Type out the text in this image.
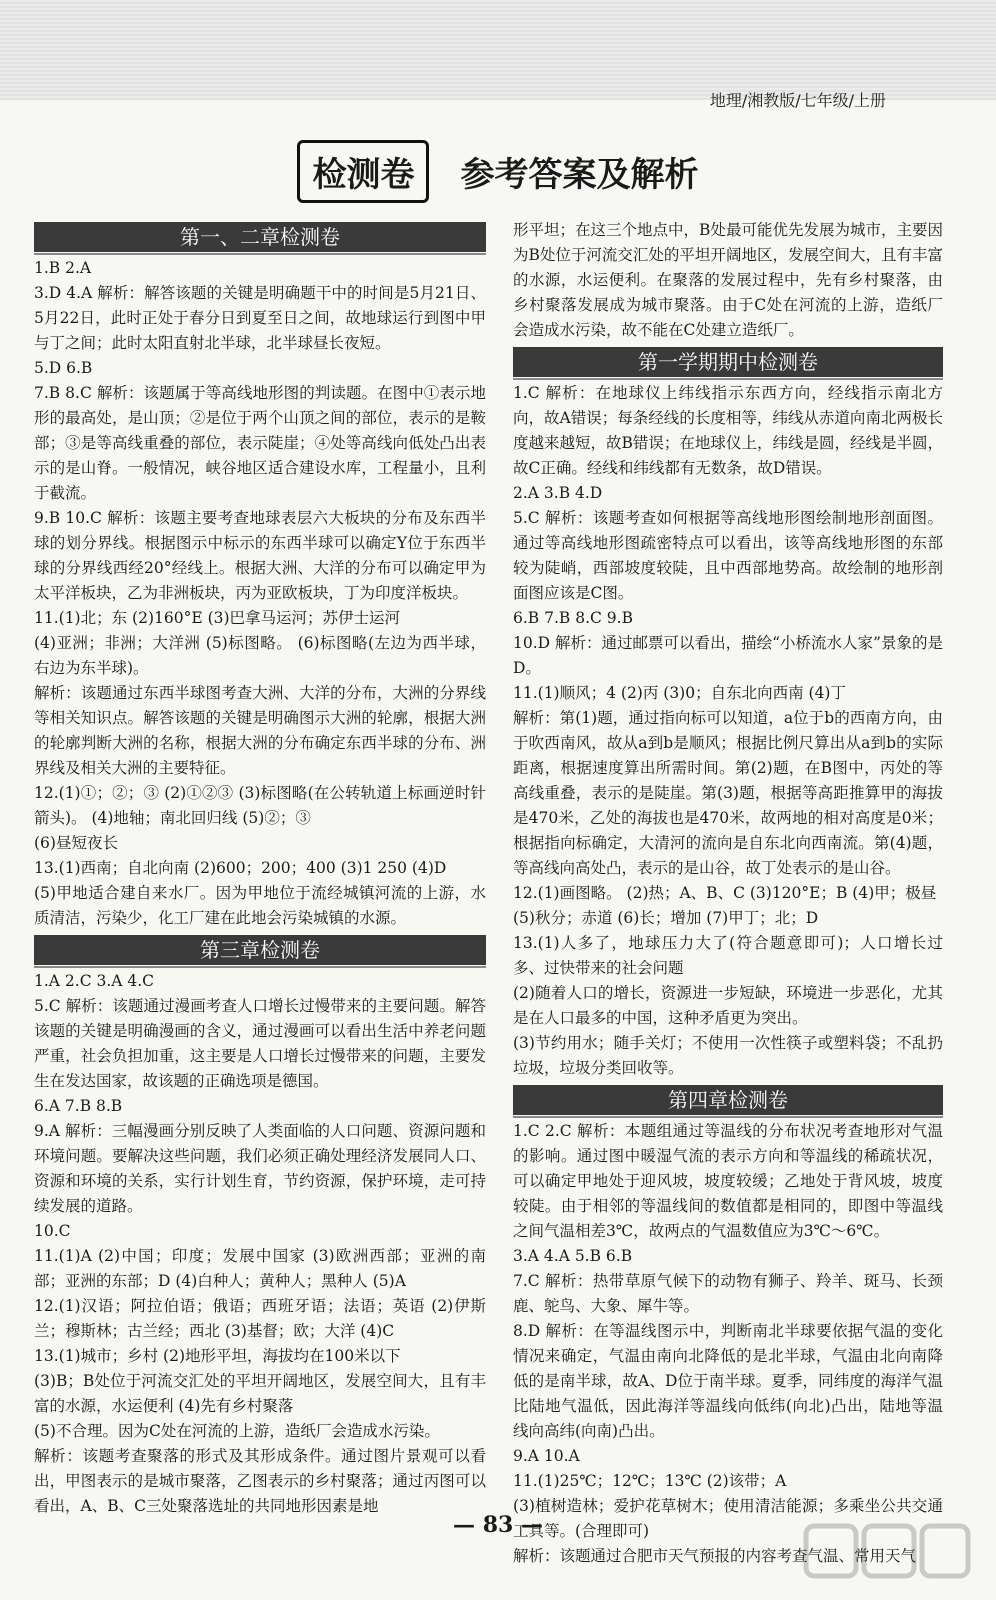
地理/湘教版/七年级/上册
检测卷 参考答案及解析
第一、二章检测卷

1.B 2.A

3.D 4.A 解析：解答该题的关键是明确题干中的时间是5月21日、5月22日，此时正处于春分日到夏至日之间，故地球运行到图中甲与丁之间；此时太阳直射北半球，北半球昼长夜短。

5.D 6.B

7.B 8.C 解析：该题属于等高线地形图的判读题。在图中①表示地形的最高处，是山顶；②是位于两个山顶之间的部位，表示的是鞍部；③是等高线重叠的部位，表示陡崖；④处等高线向低处凸出表示的是山脊。一般情况，峡谷地区适合建设水库，工程量小，且利于截流。

9.B 10.C 解析：该题主要考查地球表层六大板块的分布及东西半球的划分界线。根据图示中标示的东西半球可以确定Y位于东西半球的分界线西经20°经线上。根据大洲、大洋的分布可以确定甲为太平洋板块，乙为非洲板块，丙为亚欧板块，丁为印度洋板块。

11.(1)北；东 (2)160°E (3)巴拿马运河；苏伊士运河

(4)亚洲；非洲；大洋洲 (5)标图略。 (6)标图略(左边为西半球，右边为东半球)。

解析：该题通过东西半球图考查大洲、大洋的分布，大洲的分界线等相关知识点。解答该题的关键是明确图示大洲的轮廓，根据大洲的轮廓判断大洲的名称，根据大洲的分布确定东西半球的分布、洲界线及相关大洲的主要特征。

12.(1)①；②；③ (2)①②③ (3)标图略(在公转轨道上标画逆时针箭头)。 (4)地轴；南北回归线 (5)②；③

(6)昼短夜长

13.(1)西南；自北向南 (2)600；200；400 (3)1 250 (4)D

(5)甲地适合建自来水厂。因为甲地位于流经城镇河流的上游，水质清洁，污染少，化工厂建在此地会污染城镇的水源。

第三章检测卷

1.A 2.C 3.A 4.C

5.C 解析：该题通过漫画考查人口增长过慢带来的主要问题。解答该题的关键是明确漫画的含义，通过漫画可以看出生活中养老问题严重，社会负担加重，这主要是人口增长过慢带来的问题，主要发生在发达国家，故该题的正确选项是德国。

6.A 7.B 8.B

9.A 解析：三幅漫画分别反映了人类面临的人口问题、资源问题和环境问题。要解决这些问题，我们必须正确处理经济发展同人口、资源和环境的关系，实行计划生育，节约资源，保护环境，走可持续发展的道路。

10.C

11.(1)A (2)中国；印度；发展中国家 (3)欧洲西部；亚洲的南部；亚洲的东部；D (4)白种人；黄种人；黑种人 (5)A

12.(1)汉语；阿拉伯语；俄语；西班牙语；法语；英语 (2)伊斯兰；穆斯林；古兰经；西北 (3)基督；欧；大洋 (4)C

13.(1)城市；乡村 (2)地形平坦，海拔均在100米以下

(3)B；B处位于河流交汇处的平坦开阔地区，发展空间大，且有丰富的水源，水运便利 (4)先有乡村聚落

(5)不合理。因为C处在河流的上游，造纸厂会造成水污染。

解析：该题考查聚落的形式及其形成条件。通过图片景观可以看出，甲图表示的是城市聚落，乙图表示的乡村聚落；通过丙图可以看出，A、B、C三处聚落选址的共同地形因素是地

形平坦；在这三个地点中，B处最可能优先发展为城市，主要因为B处位于河流交汇处的平坦开阔地区，发展空间大，且有丰富的水源，水运便利。在聚落的发展过程中，先有乡村聚落，由乡村聚落发展成为城市聚落。由于C处在河流的上游，造纸厂会造成水污染，故不能在C处建立造纸厂。

第一学期期中检测卷

1.C 解析：在地球仪上纬线指示东西方向，经线指示南北方向，故A错误；每条经线的长度相等，纬线从赤道向南北两极长度越来越短，故B错误；在地球仪上，纬线是圆，经线是半圆，故C正确。经线和纬线都有无数条，故D错误。

2.A 3.B 4.D

5.C 解析：该题考查如何根据等高线地形图绘制地形剖面图。通过等高线地形图疏密特点可以看出，该等高线地形图的东部较为陡峭，西部坡度较陡，且中西部地势高。故绘制的地形剖面图应该是C图。

6.B 7.B 8.C 9.B

10.D 解析：通过邮票可以看出，描绘“小桥流水人家”景象的是D。

11.(1)顺风；4 (2)丙 (3)0；自东北向西南 (4)丁

解析：第(1)题，通过指向标可以知道，a位于b的西南方向，由于吹西南风，故从a到b是顺风；根据比例尺算出从a到b的实际距离，根据速度算出所需时间。第(2)题，在B图中，丙处的等高线重叠，表示的是陡崖。第(3)题，根据等高距推算甲的海拔是470米，乙处的海拔也是470米，故两地的相对高度是0米；根据指向标确定，大清河的流向是自东北向西南流。第(4)题，等高线向高处凸，表示的是山谷，故丁处表示的是山谷。

12.(1)画图略。 (2)热；A、B、C (3)120°E；B (4)甲；极昼

(5)秋分；赤道 (6)长；增加 (7)甲丁；北；D

13.(1)人多了，地球压力大了(符合题意即可)；人口增长过多、过快带来的社会问题

(2)随着人口的增长，资源进一步短缺，环境进一步恶化，尤其是在人口最多的中国，这种矛盾更为突出。

(3)节约用水；随手关灯；不使用一次性筷子或塑料袋；不乱扔垃圾，垃圾分类回收等。

第四章检测卷

1.C 2.C 解析：本题组通过等温线的分布状况考查地形对气温的影响。通过图中暖湿气流的表示方向和等温线的稀疏状况，可以确定甲地处于迎风坡，坡度较缓；乙地处于背风坡，坡度较陡。由于相邻的等温线间的数值都是相同的，即图中等温线之间气温相差3℃，故两点的气温数值应为3℃～6℃。

3.A 4.A 5.B 6.B

7.C 解析：热带草原气候下的动物有狮子、羚羊、斑马、长颈鹿、鸵鸟、大象、犀牛等。

8.D 解析：在等温线图示中，判断南北半球要依据气温的变化情况来确定，气温由南向北降低的是北半球，气温由北向南降低的是南半球，故A、D位于南半球。夏季，同纬度的海洋气温比陆地气温低，因此海洋等温线向低纬(向北)凸出，陆地等温线向高纬(向南)凸出。

9.A 10.A

11.(1)25℃；12℃；13℃ (2)该带；A

(3)植树造林；爱护花草树木；使用清洁能源；多乘坐公共交通工具等。(合理即可)

解析：该题通过合肥市天气预报的内容考查气温、常用天气

— 83 —
